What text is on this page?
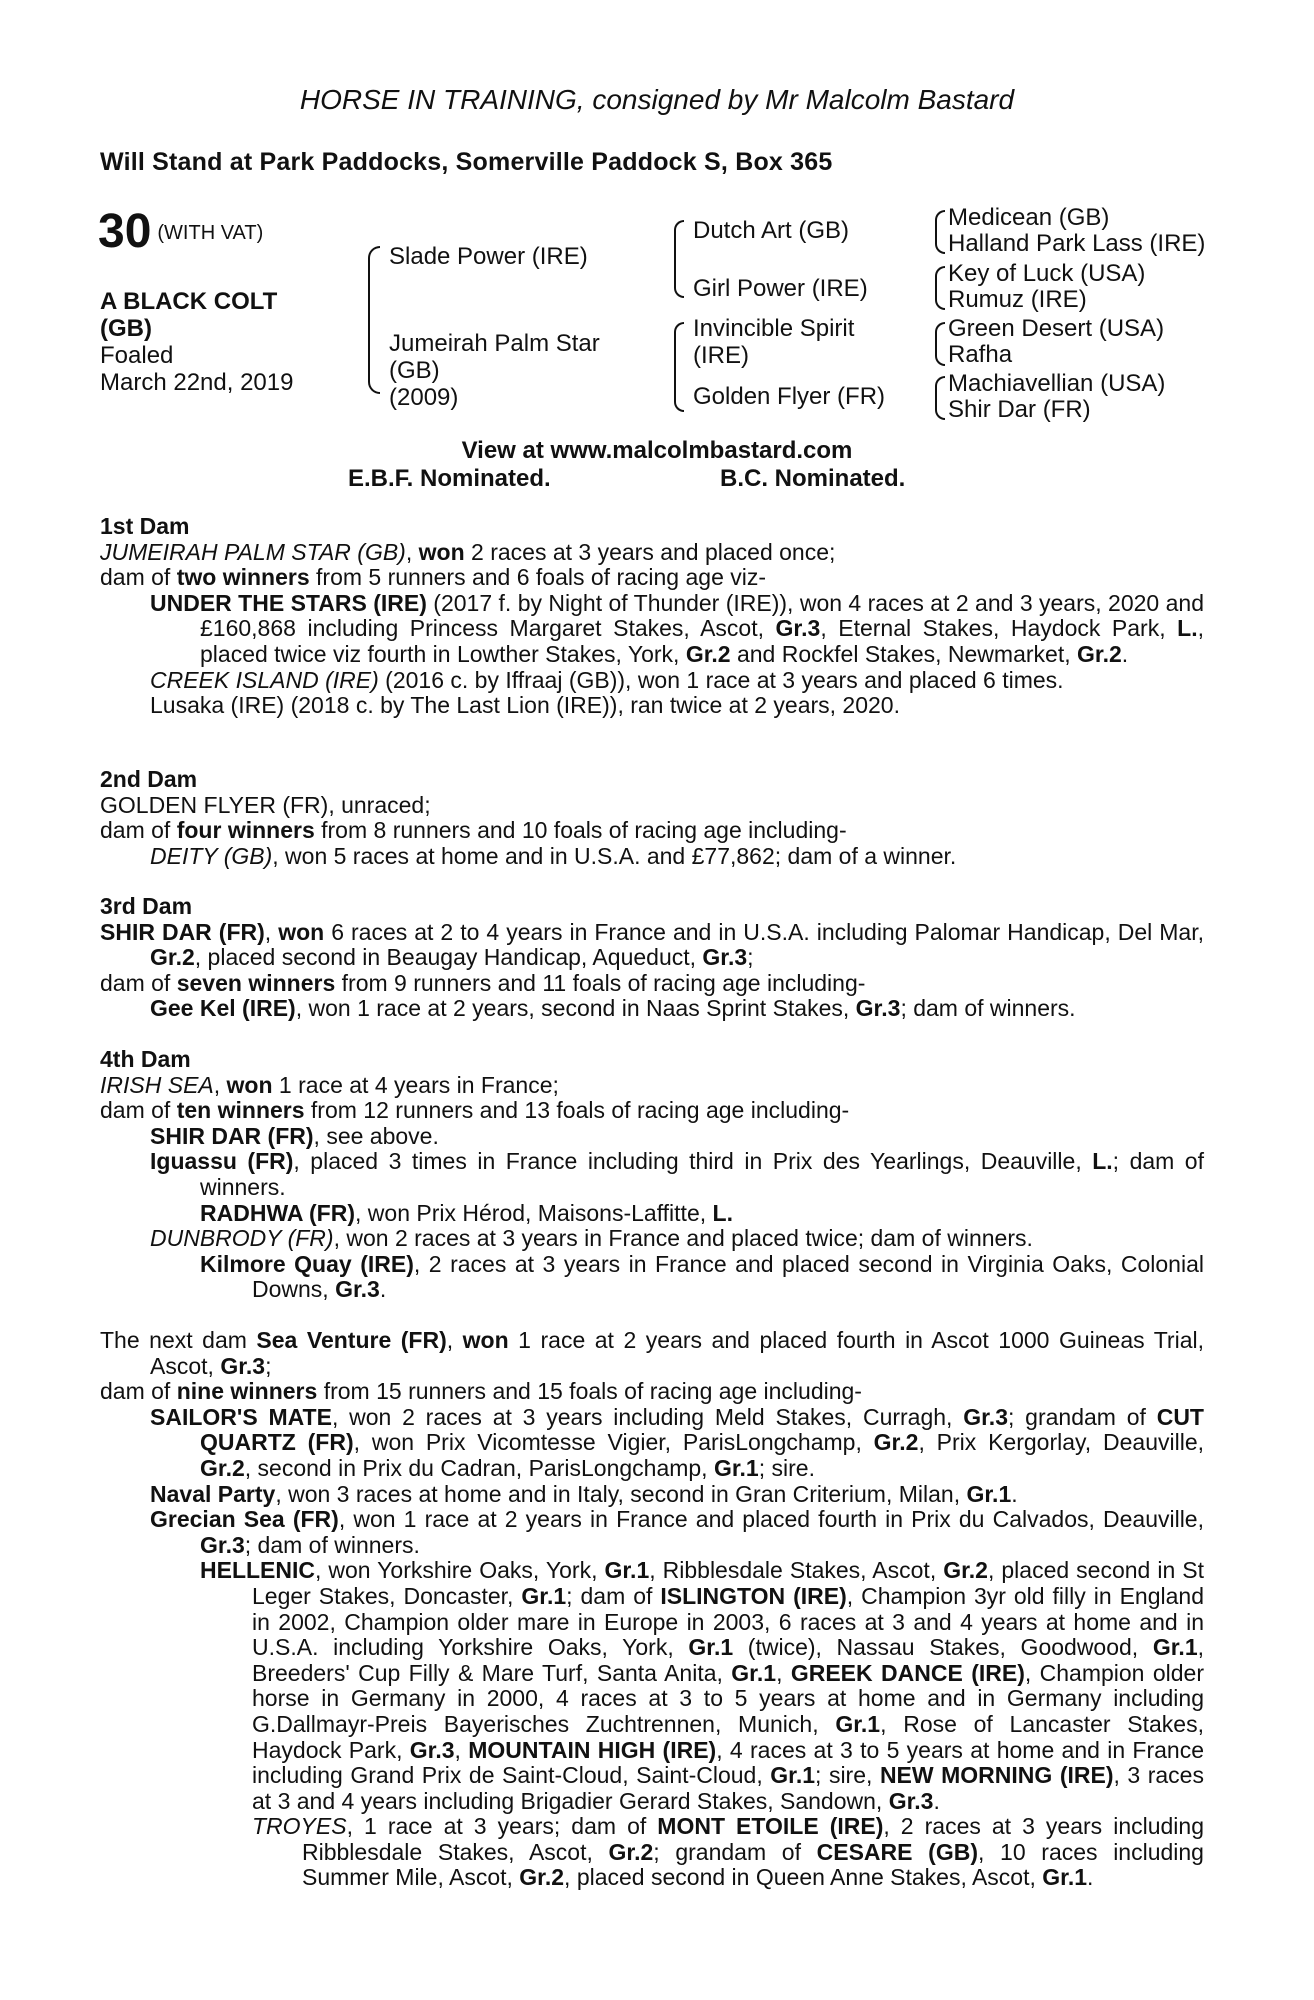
HORSE IN TRAINING, consigned by Mr Malcolm Bastard
Will Stand at Park Paddocks, Somerville Paddock S, Box 365
30 (WITH VAT)
A BLACK COLT
(GB)
Foaled
March 22nd, 2019
Slade Power (IRE)
Jumeirah Palm Star
(GB)
(2009)
Dutch Art (GB)
Girl Power (IRE)
Invincible Spirit
(IRE)
Golden Flyer (FR)
Medicean (GB)
Halland Park Lass (IRE)
Key of Luck (USA)
Rumuz (IRE)
Green Desert (USA)
Rafha
Machiavellian (USA)
Shir Dar (FR)
View at www.malcolmbastard.com
E.B.F. Nominated.	B.C. Nominated.

1st Dam

JUMEIRAH PALM STAR (GB), won 2 races at 3 years and placed once;

dam of two winners from 5 runners and 6 foals of racing age viz-

UNDER THE STARS (IRE) (2017 f. by Night of Thunder (IRE)), won 4 races at 2 and 3 years, 2020 and £160,868 including Princess Margaret Stakes, Ascot, Gr.3, Eternal Stakes, Haydock Park, L., placed twice viz fourth in Lowther Stakes, York, Gr.2 and Rockfel Stakes, Newmarket, Gr.2.

CREEK ISLAND (IRE) (2016 c. by Iffraaj (GB)), won 1 race at 3 years and placed 6 times.

Lusaka (IRE) (2018 c. by The Last Lion (IRE)), ran twice at 2 years, 2020.

2nd Dam

GOLDEN FLYER (FR), unraced;

dam of four winners from 8 runners and 10 foals of racing age including-

DEITY (GB), won 5 races at home and in U.S.A. and £77,862; dam of a winner.

3rd Dam

SHIR DAR (FR), won 6 races at 2 to 4 years in France and in U.S.A. including Palomar Handicap, Del Mar, Gr.2, placed second in Beaugay Handicap, Aqueduct, Gr.3;

dam of seven winners from 9 runners and 11 foals of racing age including-

Gee Kel (IRE), won 1 race at 2 years, second in Naas Sprint Stakes, Gr.3; dam of winners.

4th Dam

IRISH SEA, won 1 race at 4 years in France;

dam of ten winners from 12 runners and 13 foals of racing age including-

SHIR DAR (FR), see above.

Iguassu (FR), placed 3 times in France including third in Prix des Yearlings, Deauville, L.; dam of winners.

RADHWA (FR), won Prix Hérod, Maisons-Laffitte, L.

DUNBRODY (FR), won 2 races at 3 years in France and placed twice; dam of winners.

Kilmore Quay (IRE), 2 races at 3 years in France and placed second in Virginia Oaks, Colonial Downs, Gr.3.

The next dam Sea Venture (FR), won 1 race at 2 years and placed fourth in Ascot 1000 Guineas Trial, Ascot, Gr.3;

dam of nine winners from 15 runners and 15 foals of racing age including-

SAILOR'S MATE, won 2 races at 3 years including Meld Stakes, Curragh, Gr.3; grandam of CUT QUARTZ (FR), won Prix Vicomtesse Vigier, ParisLongchamp, Gr.2, Prix Kergorlay, Deauville, Gr.2, second in Prix du Cadran, ParisLongchamp, Gr.1; sire.

Naval Party, won 3 races at home and in Italy, second in Gran Criterium, Milan, Gr.1.

Grecian Sea (FR), won 1 race at 2 years in France and placed fourth in Prix du Calvados, Deauville, Gr.3; dam of winners.

HELLENIC, won Yorkshire Oaks, York, Gr.1, Ribblesdale Stakes, Ascot, Gr.2, placed second in St Leger Stakes, Doncaster, Gr.1; dam of ISLINGTON (IRE), Champion 3yr old filly in England in 2002, Champion older mare in Europe in 2003, 6 races at 3 and 4 years at home and in U.S.A. including Yorkshire Oaks, York, Gr.1 (twice), Nassau Stakes, Goodwood, Gr.1, Breeders' Cup Filly & Mare Turf, Santa Anita, Gr.1, GREEK DANCE (IRE), Champion older horse in Germany in 2000, 4 races at 3 to 5 years at home and in Germany including G.Dallmayr-Preis Bayerisches Zuchtrennen, Munich, Gr.1, Rose of Lancaster Stakes, Haydock Park, Gr.3, MOUNTAIN HIGH (IRE), 4 races at 3 to 5 years at home and in France including Grand Prix de Saint-Cloud, Saint-Cloud, Gr.1; sire, NEW MORNING (IRE), 3 races at 3 and 4 years including Brigadier Gerard Stakes, Sandown, Gr.3.

TROYES, 1 race at 3 years; dam of MONT ETOILE (IRE), 2 races at 3 years including Ribblesdale Stakes, Ascot, Gr.2; grandam of CESARE (GB), 10 races including Summer Mile, Ascot, Gr.2, placed second in Queen Anne Stakes, Ascot, Gr.1.
